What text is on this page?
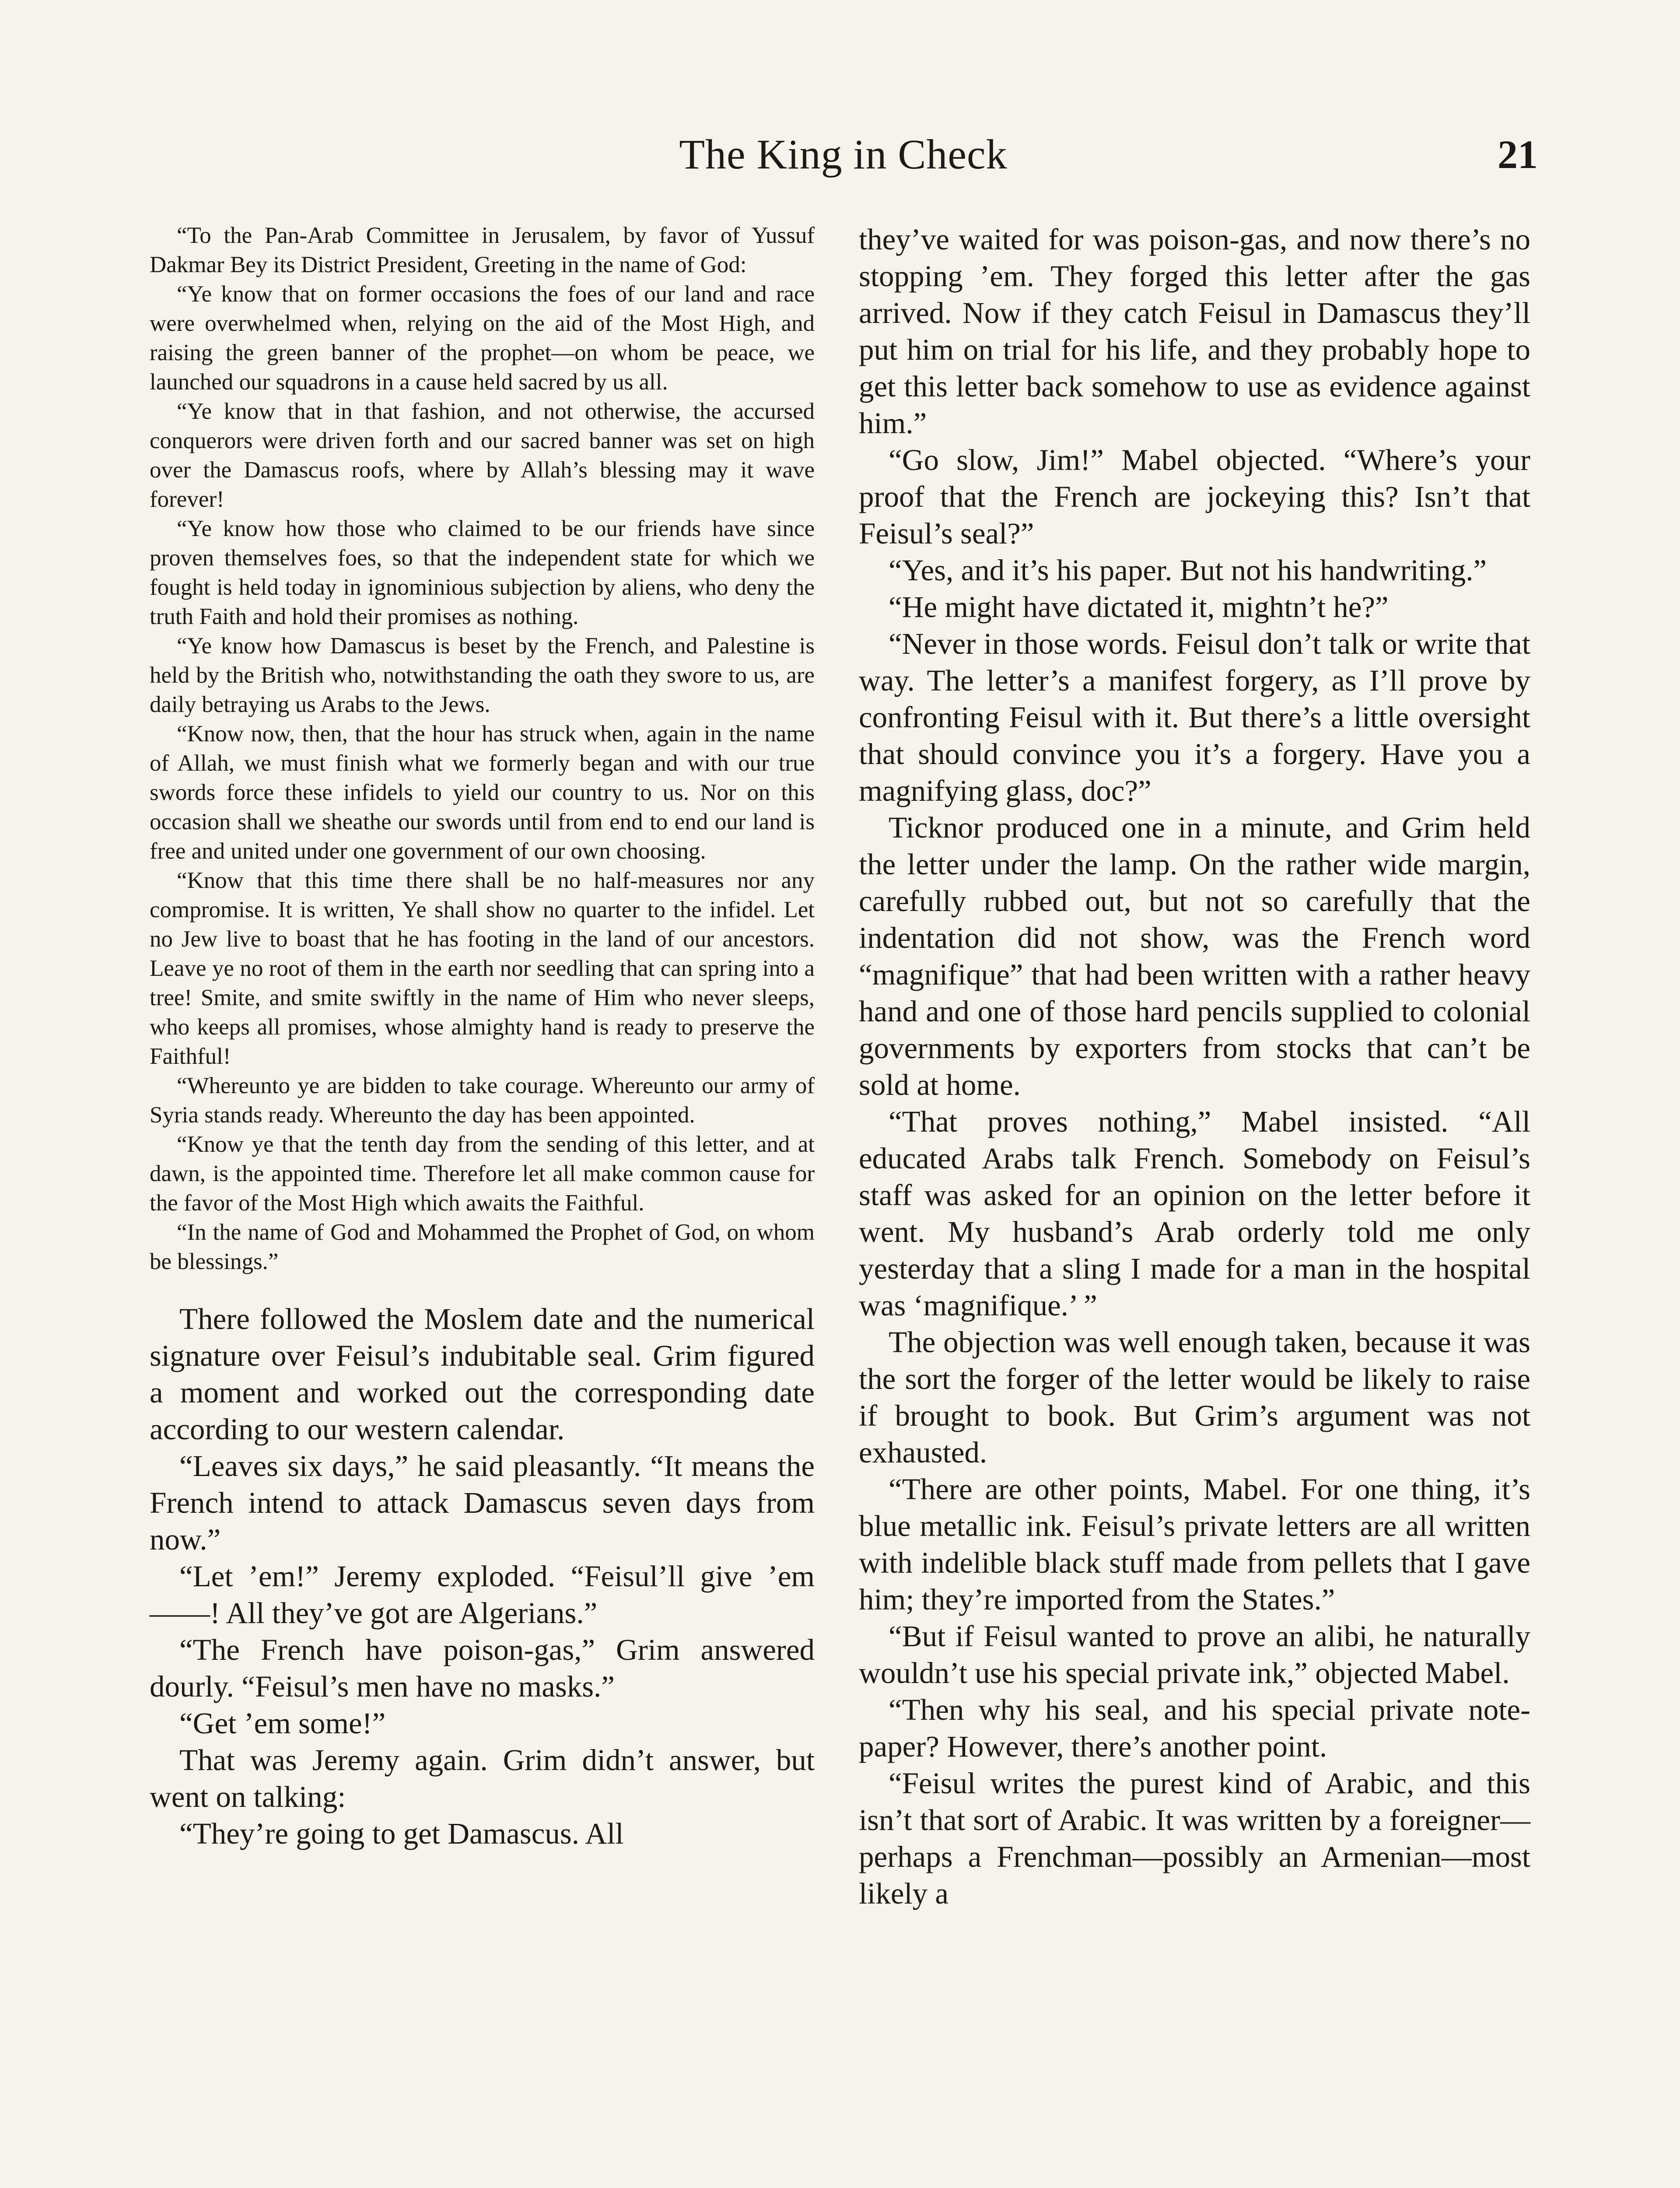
The King in Check	21

“To the Pan-Arab Committee in Jerusalem, by favor of Yussuf Dakmar Bey its District President, Greeting in the name of God:

“Ye know that on former occasions the foes of our land and race were overwhelmed when, relying on the aid of the Most High, and raising the green banner of the prophet—on whom be peace, we launched our squadrons in a cause held sacred by us all.

“Ye know that in that fashion, and not otherwise, the accursed conquerors were driven forth and our sacred banner was set on high over the Damascus roofs, where by Allah’s blessing may it wave forever!

“Ye know how those who claimed to be our friends have since proven themselves foes, so that the independent state for which we fought is held today in ignominious subjection by aliens, who deny the truth Faith and hold their promises as nothing.

“Ye know how Damascus is beset by the French, and Palestine is held by the British who, notwithstanding the oath they swore to us, are daily betraying us Arabs to the Jews.

“Know now, then, that the hour has struck when, again in the name of Allah, we must finish what we formerly began and with our true swords force these infidels to yield our country to us. Nor on this occasion shall we sheathe our swords until from end to end our land is free and united under one government of our own choosing.

“Know that this time there shall be no half-measures nor any compromise. It is written, Ye shall show no quarter to the infidel. Let no Jew live to boast that he has footing in the land of our ancestors. Leave ye no root of them in the earth nor seedling that can spring into a tree! Smite, and smite swiftly in the name of Him who never sleeps, who keeps all promises, whose almighty hand is ready to preserve the Faithful!

“Whereunto ye are bidden to take courage. Whereunto our army of Syria stands ready. Whereunto the day has been appointed.

“Know ye that the tenth day from the sending of this letter, and at dawn, is the appointed time. Therefore let all make common cause for the favor of the Most High which awaits the Faithful.

“In the name of God and Mohammed the Prophet of God, on whom be blessings.”

There followed the Moslem date and the numerical signature over Feisul’s indubitable seal. Grim figured a moment and worked out the corresponding date according to our western calendar.

“Leaves six days,” he said pleasantly. “It means the French intend to attack Damascus seven days from now.”

“Let ’em!” Jeremy exploded. “Feisul’ll give ’em ——! All they’ve got are Algerians.”

“The French have poison-gas,” Grim answered dourly. “Feisul’s men have no masks.”

“Get ’em some!”

That was Jeremy again. Grim didn’t answer, but went on talking:

“They’re going to get Damascus. All

they’ve waited for was poison-gas, and now there’s no stopping ’em. They forged this letter after the gas arrived. Now if they catch Feisul in Damascus they’ll put him on trial for his life, and they probably hope to get this letter back somehow to use as evidence against him.”

“Go slow, Jim!” Mabel objected. “Where’s your proof that the French are jockeying this? Isn’t that Feisul’s seal?”

“Yes, and it’s his paper. But not his handwriting.”

“He might have dictated it, mightn’t he?”

“Never in those words. Feisul don’t talk or write that way. The letter’s a manifest forgery, as I’ll prove by confronting Feisul with it. But there’s a little oversight that should convince you it’s a forgery. Have you a magnifying glass, doc?”

Ticknor produced one in a minute, and Grim held the letter under the lamp. On the rather wide margin, carefully rubbed out, but not so carefully that the indentation did not show, was the French word “magnifique” that had been written with a rather heavy hand and one of those hard pencils supplied to colonial governments by exporters from stocks that can’t be sold at home.

“That proves nothing,” Mabel insisted. “All educated Arabs talk French. Somebody on Feisul’s staff was asked for an opinion on the letter before it went. My husband’s Arab orderly told me only yesterday that a sling I made for a man in the hospital was ‘magnifique.’ ”

The objection was well enough taken, because it was the sort the forger of the letter would be likely to raise if brought to book. But Grim’s argument was not exhausted.

“There are other points, Mabel. For one thing, it’s blue metallic ink. Feisul’s private letters are all written with indelible black stuff made from pellets that I gave him; they’re imported from the States.”

“But if Feisul wanted to prove an alibi, he naturally wouldn’t use his special private ink,” objected Mabel.

“Then why his seal, and his special private note-paper? However, there’s another point.

“Feisul writes the purest kind of Arabic, and this isn’t that sort of Arabic. It was written by a foreigner—perhaps a Frenchman—possibly an Armenian—most likely a
